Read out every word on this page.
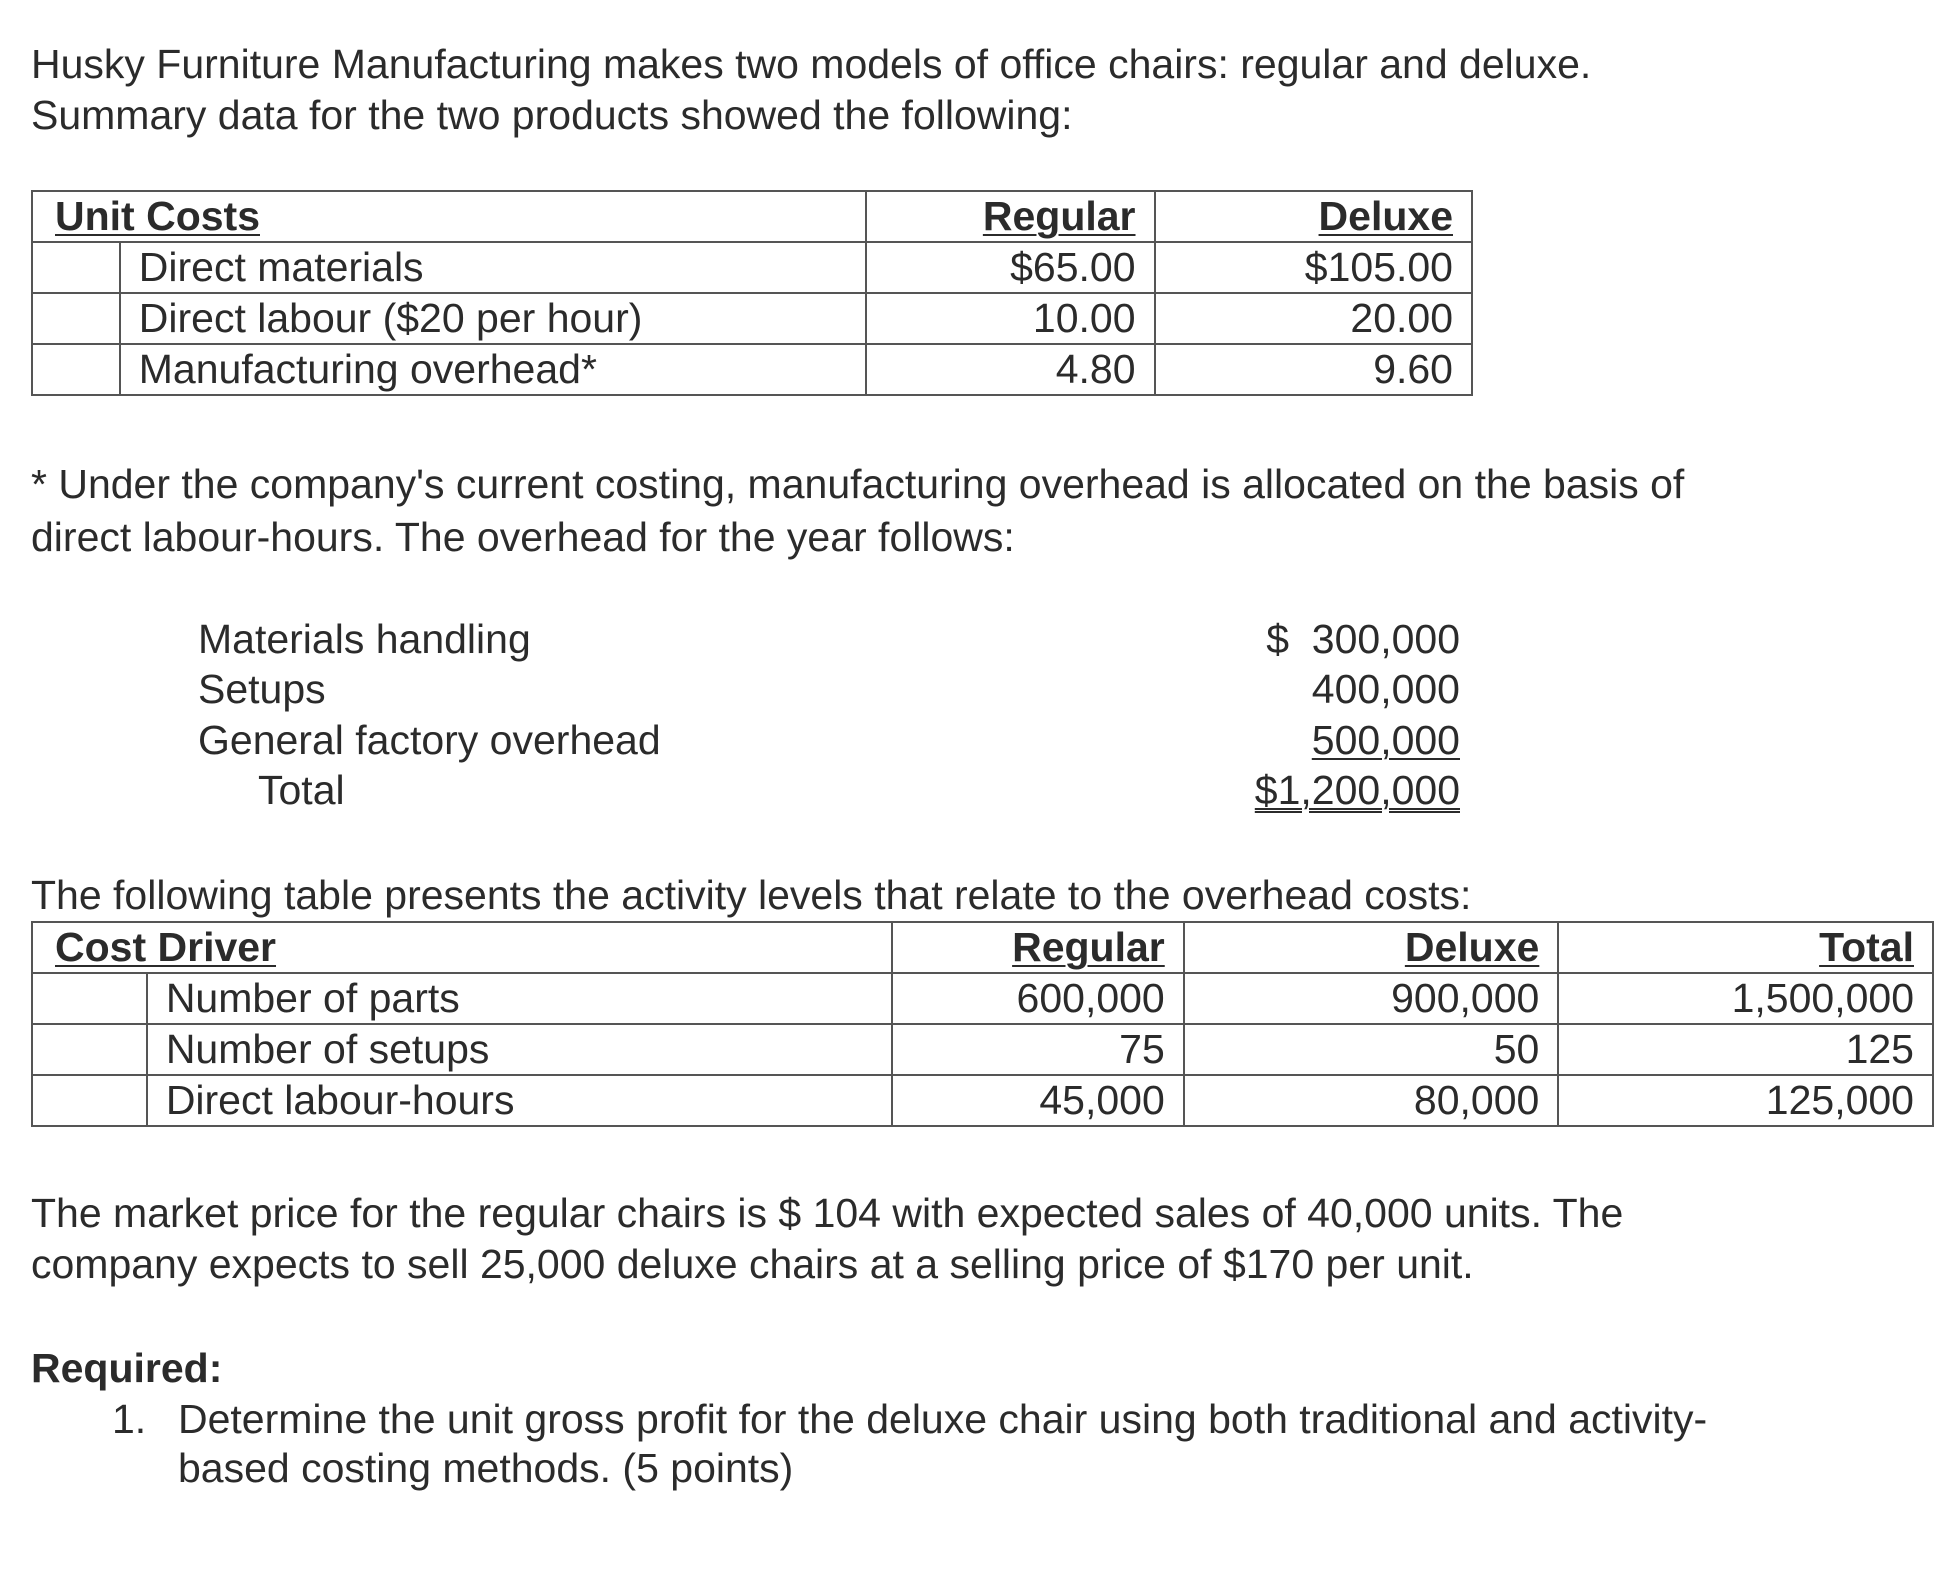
Husky Furniture Manufacturing makes two models of office chairs: regular and deluxe.
Summary data for the two products showed the following:
Unit Costs		Regular	Deluxe
	Direct materials	$65.00	$105.00
	Direct labour ($20 per hour)	10.00	20.00
	Manufacturing overhead*	4.80	9.60
* Under the company's current costing, manufacturing overhead is allocated on the basis of
direct labour-hours. The overhead for the year follows:
Materials handling	$  300,000
Setups	400,000
General factory overhead	500,000
Total	$1,200,000
The following table presents the activity levels that relate to the overhead costs:
Cost Driver		Regular	Deluxe	Total
	Number of parts	600,000	900,000	1,500,000
	Number of setups	75	50	125
	Direct labour-hours	45,000	80,000	125,000
The market price for the regular chairs is $ 104 with expected sales of 40,000 units. The
company expects to sell 25,000 deluxe chairs at a selling price of $170 per unit.
Required:
1. Determine the unit gross profit for the deluxe chair using both traditional and activity-
based costing methods. (5 points)
